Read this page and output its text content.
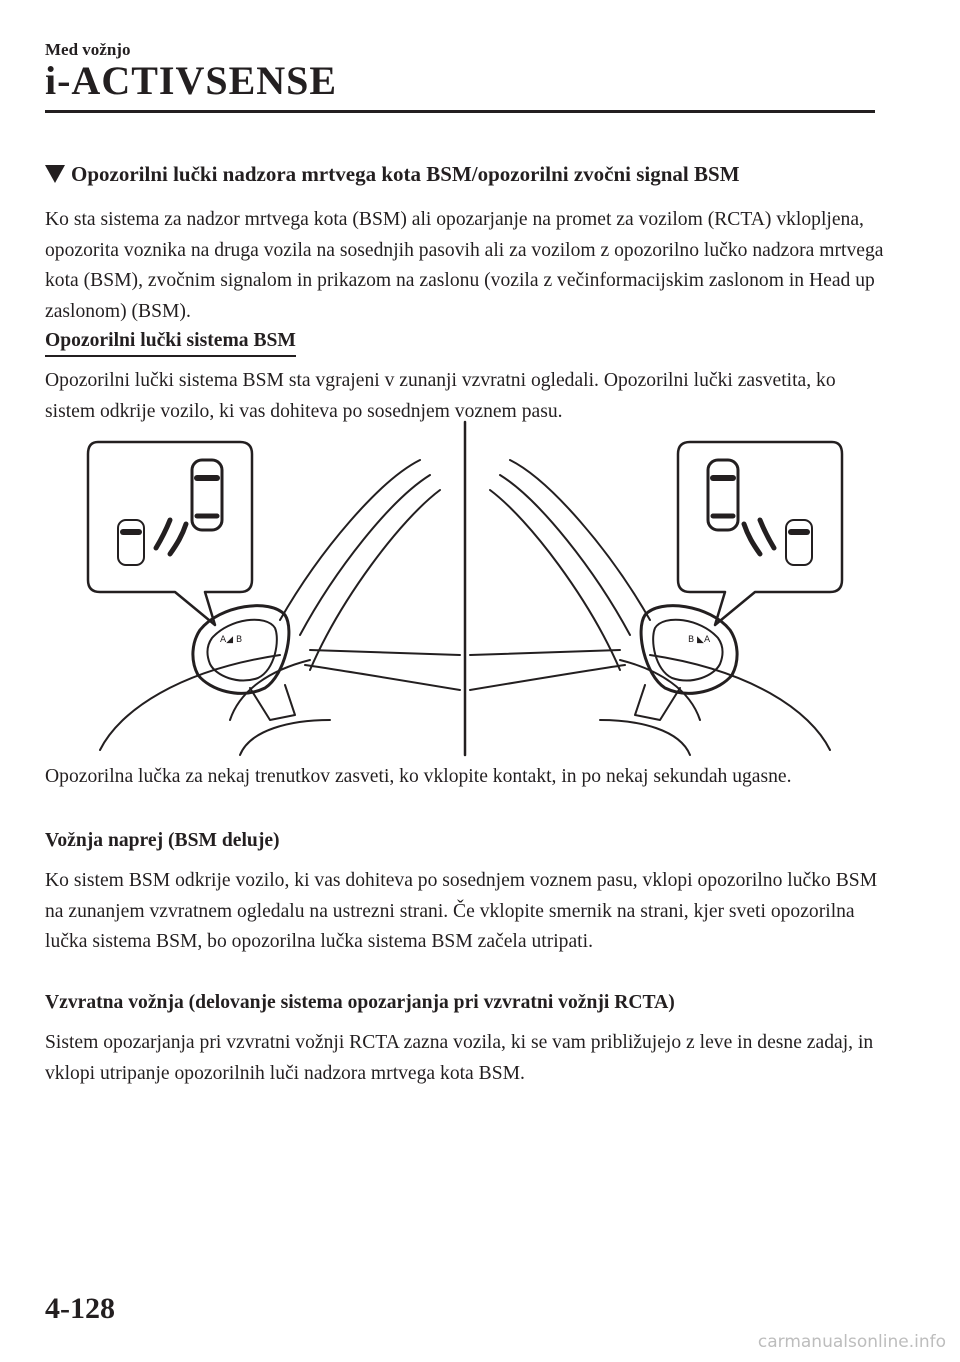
Med vožnjo
i-ACTIVSENSE
Opozorilni lučki nadzora mrtvega kota BSM/opozorilni zvočni signal BSM

Ko sta sistema za nadzor mrtvega kota (BSM) ali opozarjanje na promet za vozilom (RCTA) vklopljena, opozorita voznika na druga vozila na sosednjih pasovih ali za vozilom z opozorilno lučko nadzora mrtvega kota (BSM), zvočnim signalom in prikazom na zaslonu (vozila z večinformacijskim zaslonom in Head up zaslonom) (BSM).

Opozorilni lučki sistema BSM

Opozorilni lučki sistema BSM sta vgrajeni v zunanji vzvratni ogledali. Opozorilni lučki zasvetita, ko sistem odkrije vozilo, ki vas dohiteva po sosednjem voznem pasu.

A◢ B	B ◣A

Opozorilna lučka za nekaj trenutkov zasveti, ko vklopite kontakt, in po nekaj sekundah ugasne.

Vožnja naprej (BSM deluje)

Ko sistem BSM odkrije vozilo, ki vas dohiteva po sosednjem voznem pasu, vklopi opozorilno lučko BSM na zunanjem vzvratnem ogledalu na ustrezni strani. Če vklopite smernik na strani, kjer sveti opozorilna lučka sistema BSM, bo opozorilna lučka sistema BSM začela utripati.

Vzvratna vožnja (delovanje sistema opozarjanja pri vzvratni vožnji RCTA)

Sistem opozarjanja pri vzvratni vožnji RCTA zazna vozila, ki se vam približujejo z leve in desne zadaj, in vklopi utripanje opozorilnih luči nadzora mrtvega kota BSM.

4-128
carmanualsonline.info
